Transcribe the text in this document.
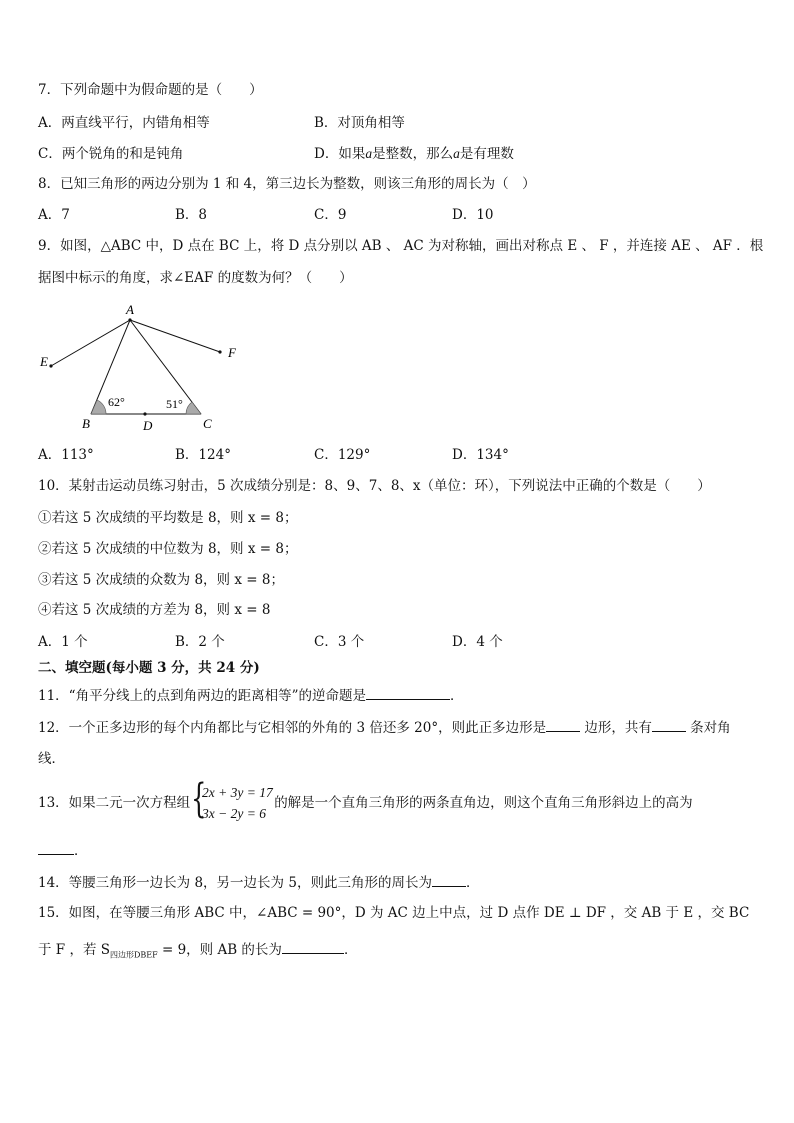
7．下列命题中为假命题的是（　　）
A．两直线平行，内错角相等	B．对顶角相等
C．两个锐角的和是钝角	D．如果a是整数，那么a是有理数
8．已知三角形的两边分别为 1 和 4，第三边长为整数，则该三角形的周长为（　）
A．7	B．8	C．9	D．10
9．如图，△ABC 中，D 点在 BC 上，将 D 点分别以 AB 、 AC 为对称轴，画出对称点 E 、 F ，并连接 AE 、 AF ．根
据图中标示的角度，求∠EAF 的度数为何？（　　）
A
E
F
B	C
D
62°	51°
A．113°	B．124°	C．129°	D．134°
10．某射击运动员练习射击，5 次成绩分别是：8、9、7、8、x（单位：环），下列说法中正确的个数是（　　）
①若这 5 次成绩的平均数是 8，则 x = 8；
②若这 5 次成绩的中位数为 8，则 x = 8；
③若这 5 次成绩的众数为 8，则 x = 8；
④若这 5 次成绩的方差为 8，则 x = 8
A．1 个	B．2 个	C．3 个	D．4 个
二、填空题(每小题 3 分，共 24 分)
11．“角平分线上的点到角两边的距离相等”的逆命题是	．
12．一个正多边形的每个内角都比与它相邻的外角的 3 倍还多 20°，则此正多边形是	边形，共有	条对角
线．
13．如果二元一次方程组	的解是一个直角三角形的两条直角边，则这个直角三角形斜边上的高为
{
2x + 3y = 17
3x − 2y = 6
．
14．等腰三角形一边长为 8，另一边长为 5，则此三角形的周长为	．
15．如图，在等腰三角形 ABC 中，∠ABC = 90°，D 为 AC 边上中点，过 D 点作 DE ⊥ DF ，交 AB 于 E ，交 BC
于 F ，若 $S_{四边形DBEF} = 9$，则 AB 的长为	．
